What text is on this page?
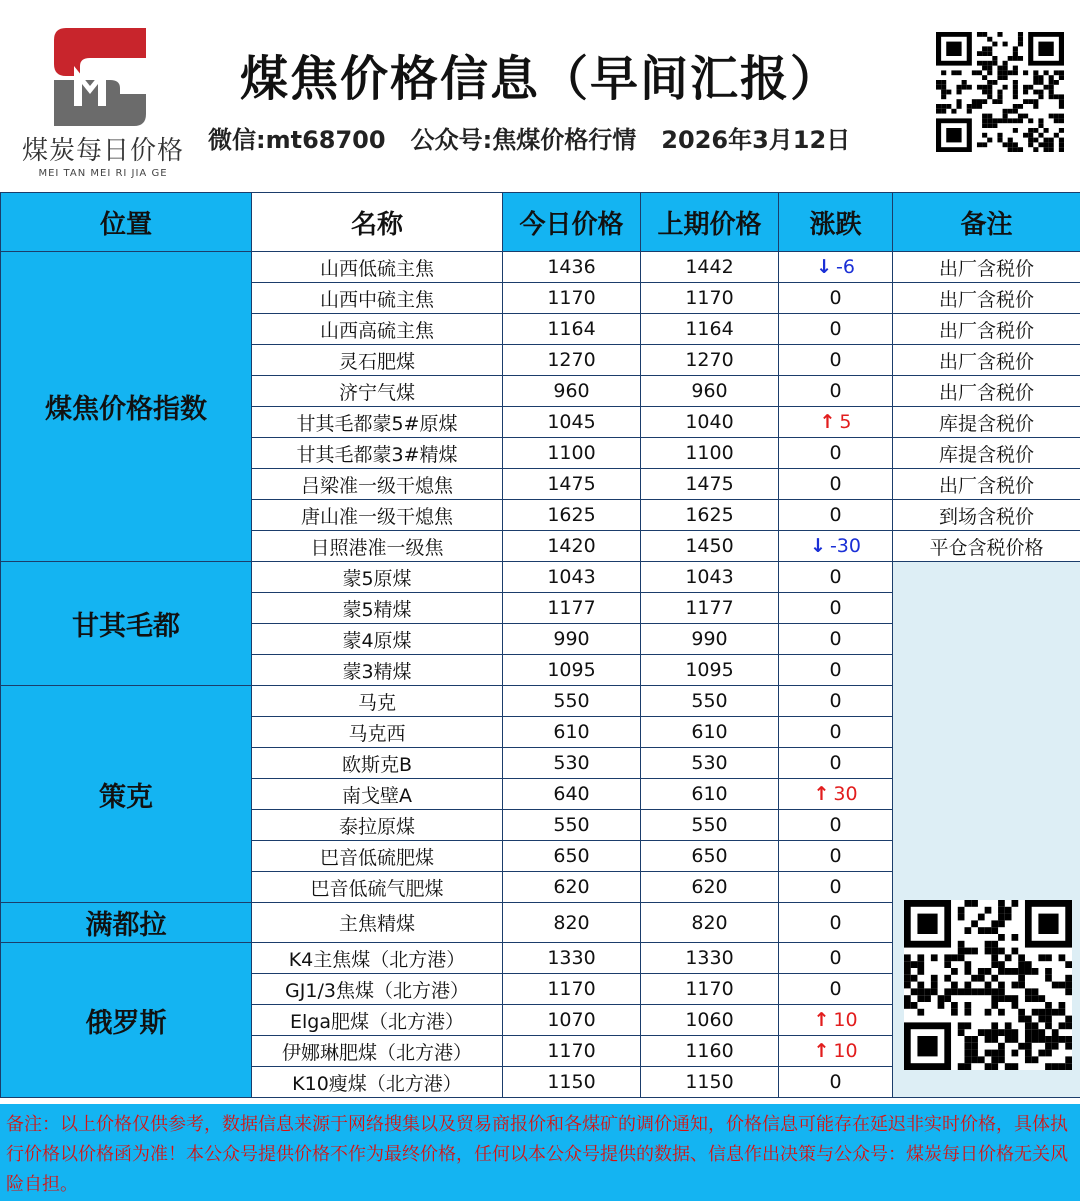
煤炭每日价格
MEI TAN MEI RI JIA GE
煤焦价格信息（早间汇报）
微信:mt68700   公众号:焦煤价格行情   2026年3月12日
位置	名称	今日价格	上期价格	涨跌	备注
煤焦价格指数	山西低硫主焦	1436	1442	↓ -6	出厂含税价
	山西中硫主焦	1170	1170	0	出厂含税价
	山西高硫主焦	1164	1164	0	出厂含税价
	灵石肥煤	1270	1270	0	出厂含税价
	济宁气煤	960	960	0	出厂含税价
	甘其毛都蒙5#原煤	1045	1040	↑ 5	库提含税价
	甘其毛都蒙3#精煤	1100	1100	0	库提含税价
	吕梁准一级干熄焦	1475	1475	0	出厂含税价
	唐山准一级干熄焦	1625	1625	0	到场含税价
	日照港准一级焦	1420	1450	↓ -30	平仓含税价格
甘其毛都	蒙5原煤	1043	1043	0	
	蒙5精煤	1177	1177	0	
	蒙4原煤	990	990	0	
	蒙3精煤	1095	1095	0	
策克	马克	550	550	0	
	马克西	610	610	0	
	欧斯克B	530	530	0	
	南戈壁A	640	610	↑ 30	
	泰拉原煤	550	550	0	
	巴音低硫肥煤	650	650	0	
	巴音低硫气肥煤	620	620	0	
满都拉	主焦精煤	820	820	0	
俄罗斯	K4主焦煤（北方港）	1330	1330	0	
	GJ1/3焦煤（北方港）	1170	1170	0	
	Elga肥煤（北方港）	1070	1060	↑ 10	
	伊娜琳肥煤（北方港）	1170	1160	↑ 10	
	K10瘦煤（北方港）	1150	1150	0	
备注：以上价格仅供参考，数据信息来源于网络搜集以及贸易商报价和各煤矿的调价通知，价格信息可能存在延迟非实时价格，具体执行价格以价格函为准！本公众号提供价格不作为最终价格，任何以本公众号提供的数据、信息作出决策与公众号：煤炭每日价格无关风险自担。
